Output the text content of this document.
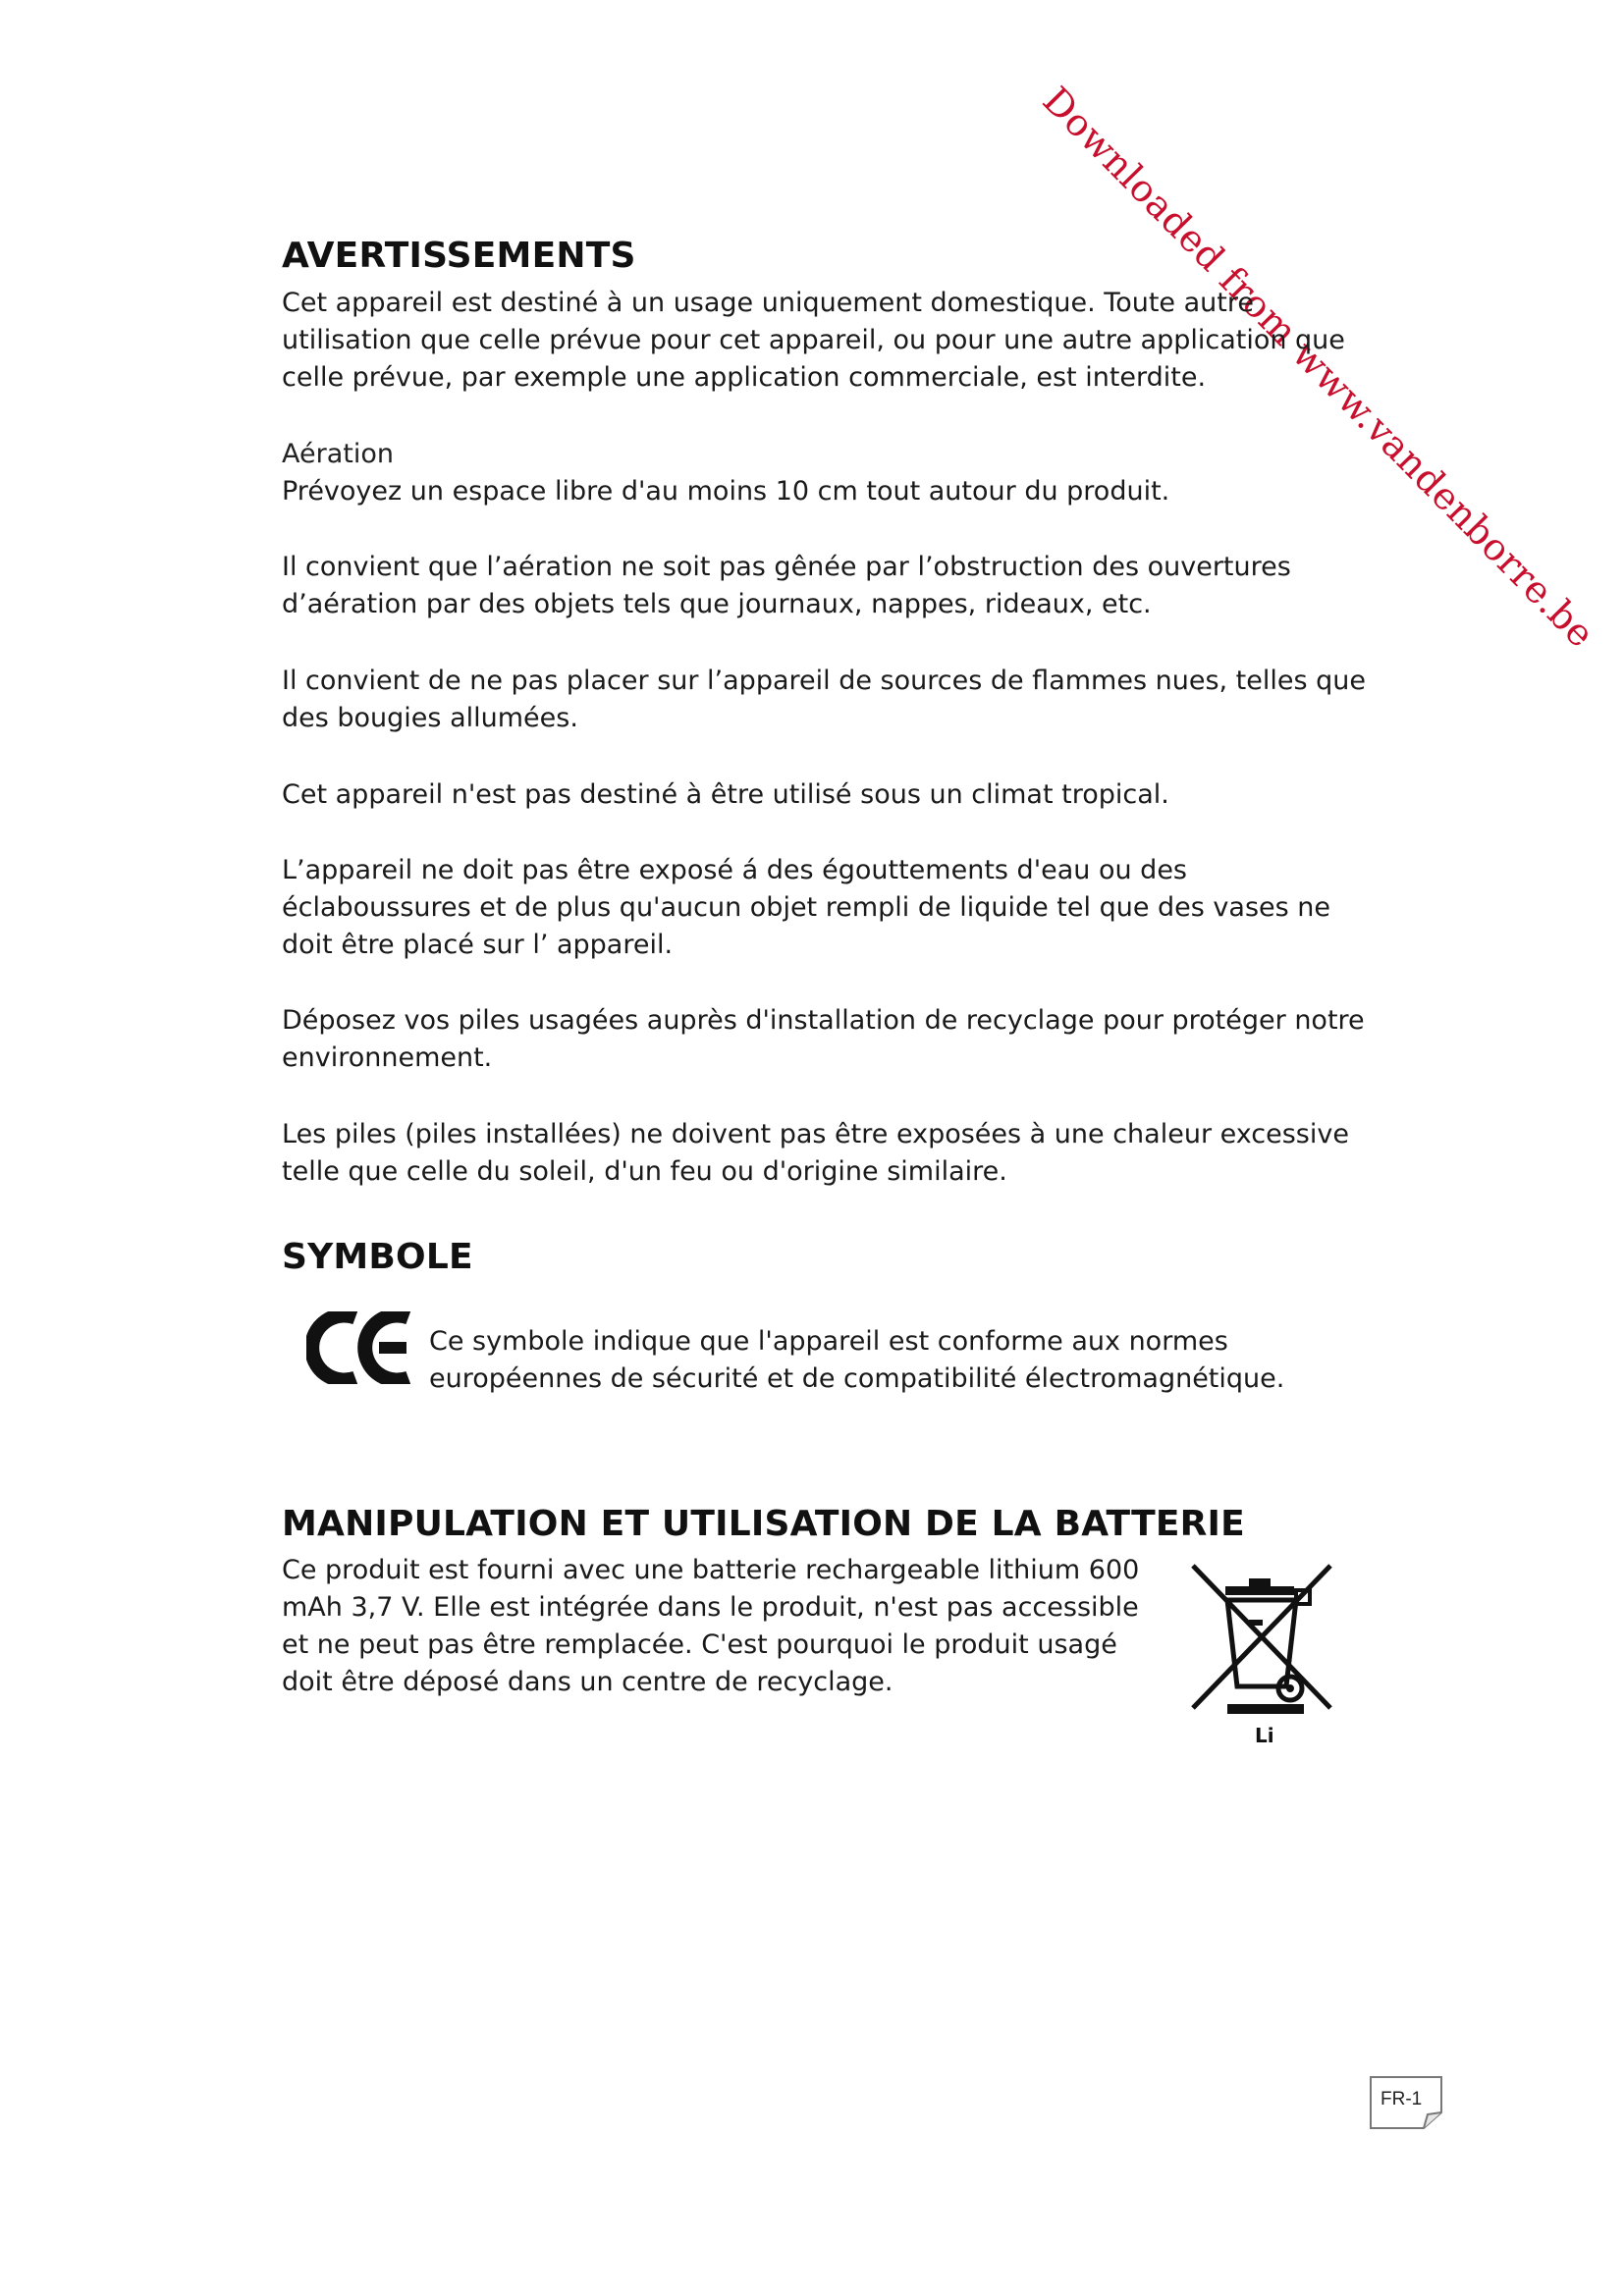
Downloaded from www.vandenborre.be
AVERTISSEMENTS

Cet appareil est destiné à un usage uniquement domestique. Toute autre utilisation que celle prévue pour cet appareil, ou pour une autre application que celle prévue, par exemple une application commerciale, est interdite.

Aération

Prévoyez un espace libre d'au moins 10 cm tout autour du produit.

Il convient que l’aération ne soit pas gênée par l’obstruction des ouvertures d’aération par des objets tels que journaux, nappes, rideaux, etc.

Il convient de ne pas placer sur l’appareil de sources de flammes nues, telles que des bougies allumées.

Cet appareil n'est pas destiné à être utilisé sous un climat tropical.

L’appareil ne doit pas être exposé á des égouttements d'eau ou des éclaboussures et de plus qu'aucun objet rempli de liquide tel que des vases ne doit être placé sur l’ appareil.

Déposez vos piles usagées auprès d'installation de recyclage pour protéger notre environnement.

Les piles (piles installées) ne doivent pas être exposées à une chaleur excessive telle que celle du soleil, d'un feu ou d'origine similaire.

SYMBOLE

Ce symbole indique que l'appareil est conforme aux normes européennes de sécurité et de compatibilité électromagnétique.

MANIPULATION ET UTILISATION DE LA BATTERIE

Ce produit est fourni avec une batterie rechargeable lithium 600 mAh 3,7 V. Elle est intégrée dans le produit, n'est pas accessible et ne peut pas être remplacée. C'est pourquoi le produit usagé doit être déposé dans un centre de recyclage.

Li
FR-1
